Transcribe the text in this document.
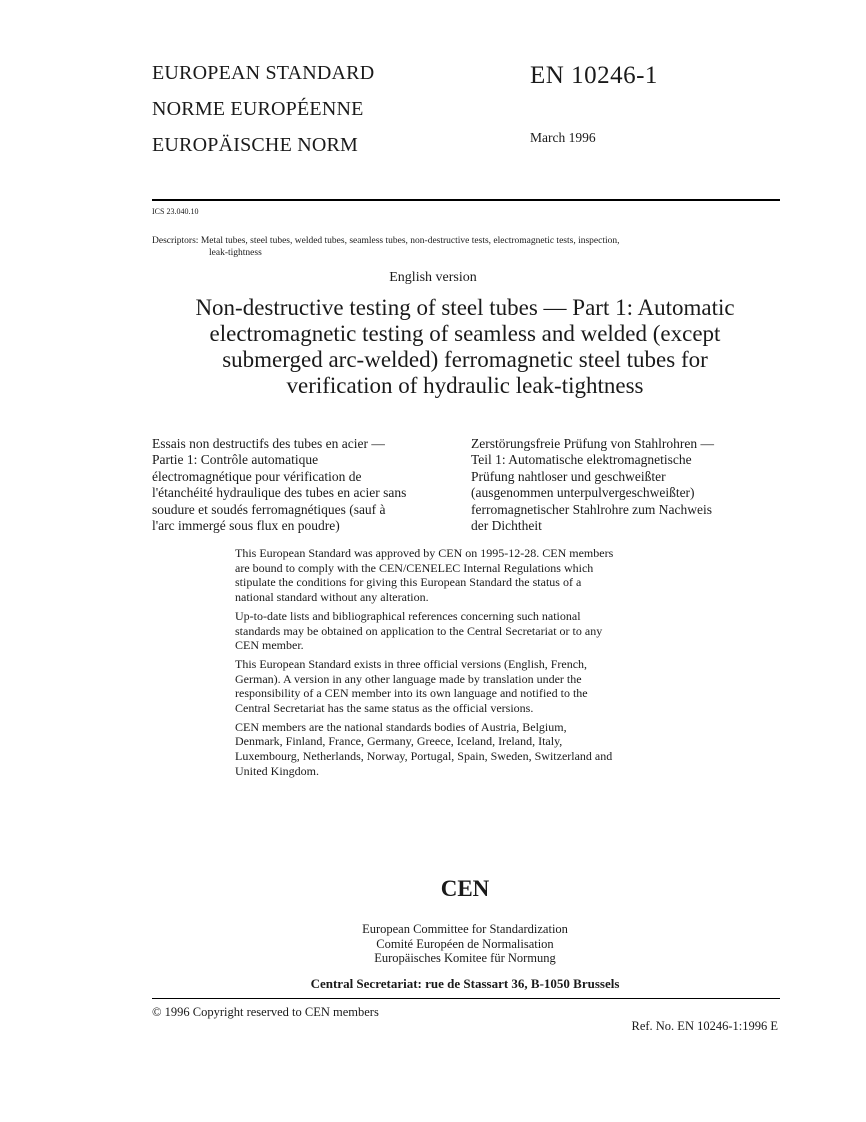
EUROPEAN STANDARD
NORME EUROPÉENNE
EUROPÄISCHE NORM
EN 10246-1
March 1996
ICS 23.040.10
Descriptors: Metal tubes, steel tubes, welded tubes, seamless tubes, non-destructive tests, electromagnetic tests, inspection,
leak-tightness
English version
Non-destructive testing of steel tubes — Part 1: Automatic
electromagnetic testing of seamless and welded (except
submerged arc-welded) ferromagnetic steel tubes for
verification of hydraulic leak-tightness
Essais non destructifs des tubes en acier —
Partie 1: Contrôle automatique
électromagnétique pour vérification de
l'étanchéité hydraulique des tubes en acier sans
soudure et soudés ferromagnétiques (sauf à
l'arc immergé sous flux en poudre)
Zerstörungsfreie Prüfung von Stahlrohren —
Teil 1: Automatische elektromagnetische
Prüfung nahtloser und geschweißter
(ausgenommen unterpulvergeschweißter)
ferromagnetischer Stahlrohre zum Nachweis
der Dichtheit

This European Standard was approved by CEN on 1995-12-28. CEN members
are bound to comply with the CEN/CENELEC Internal Regulations which
stipulate the conditions for giving this European Standard the status of a
national standard without any alteration.

Up-to-date lists and bibliographical references concerning such national
standards may be obtained on application to the Central Secretariat or to any
CEN member.

This European Standard exists in three official versions (English, French,
German). A version in any other language made by translation under the
responsibility of a CEN member into its own language and notified to the
Central Secretariat has the same status as the official versions.

CEN members are the national standards bodies of Austria, Belgium,
Denmark, Finland, France, Germany, Greece, Iceland, Ireland, Italy,
Luxembourg, Netherlands, Norway, Portugal, Spain, Sweden, Switzerland and
United Kingdom.

CEN
European Committee for Standardization
Comité Européen de Normalisation
Europäisches Komitee für Normung
Central Secretariat: rue de Stassart 36, B-1050 Brussels
© 1996 Copyright reserved to CEN members
Ref. No. EN 10246-1:1996 E
